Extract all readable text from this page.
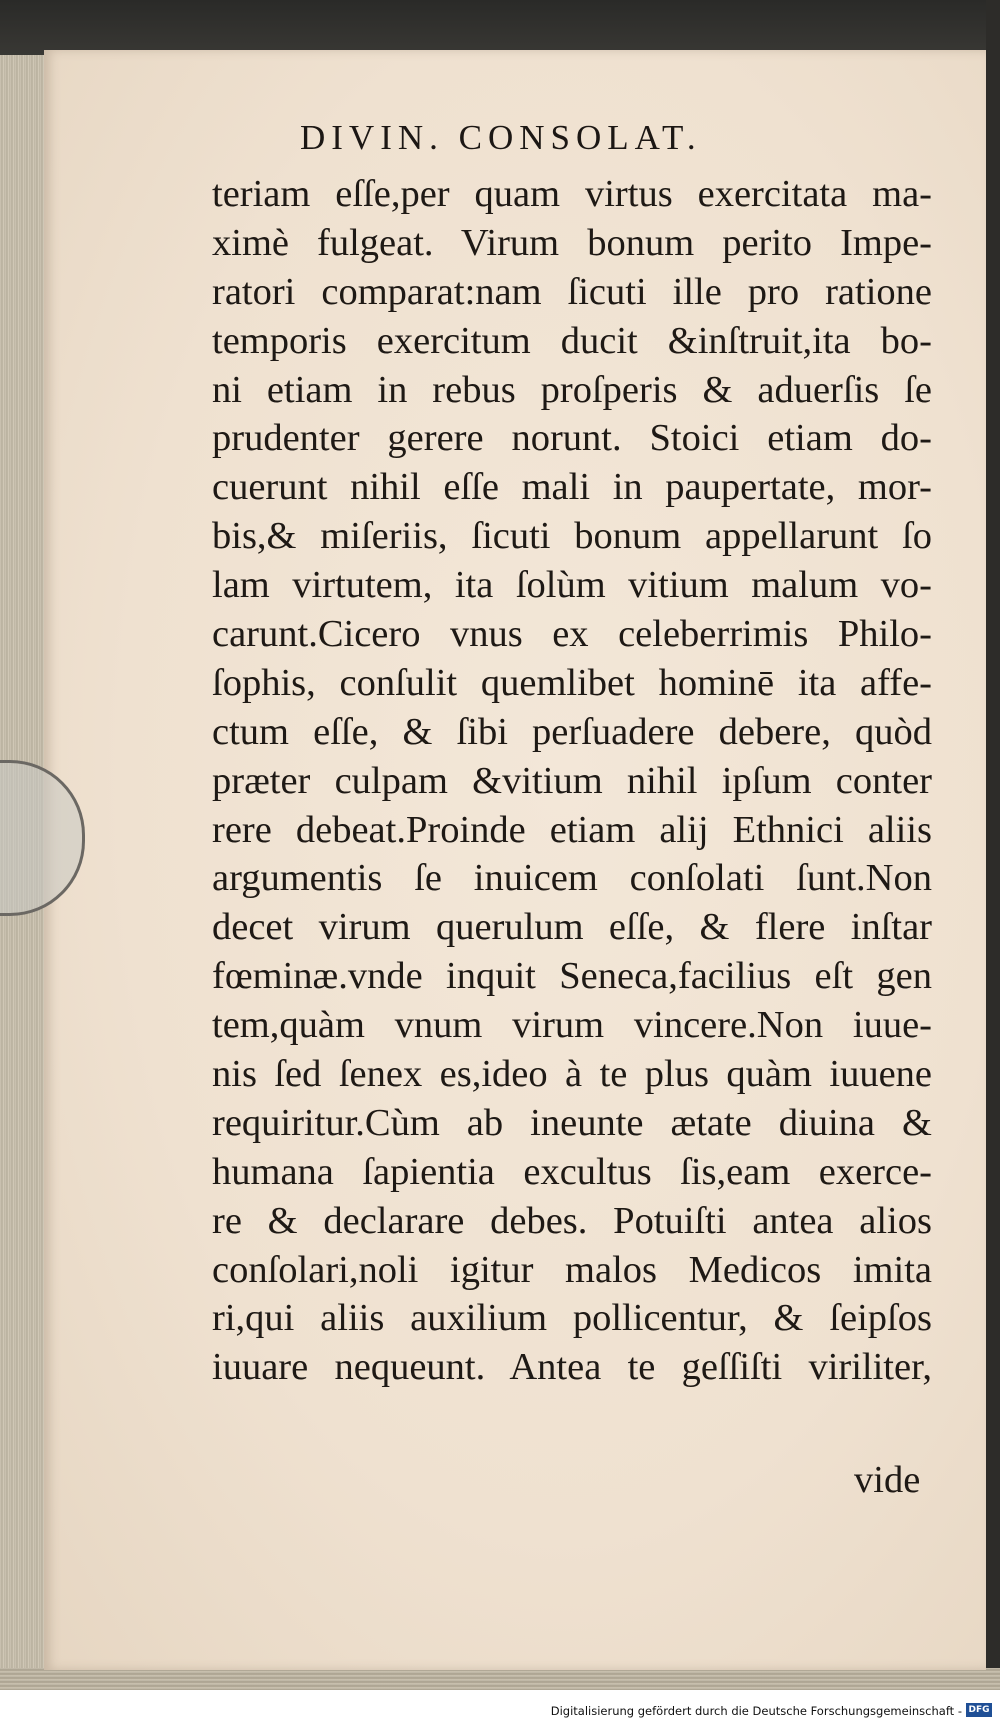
DIVIN. CONSOLAT.
teriam eſſe,per quam virtus exercitata ma-
ximè fulgeat. Virum bonum perito Impe-
ratori comparat:nam ſicuti ille pro ratione
temporis exercitum ducit &inſtruit,ita bo-
ni etiam in rebus proſperis & aduerſis ſe
prudenter gerere norunt. Stoici etiam do-
cuerunt nihil eſſe mali in paupertate, mor-
bis,& miſeriis, ſicuti bonum appellarunt ſo
lam virtutem, ita ſolùm vitium malum vo-
carunt.Cicero vnus ex celeberrimis Philo-
ſophis, conſulit quemlibet hominē ita affe-
ctum eſſe, & ſibi perſuadere debere, quòd
præter culpam &vitium nihil ipſum conter
rere debeat.Proinde etiam alij Ethnici aliis
argumentis ſe inuicem conſolati ſunt.Non
decet virum querulum eſſe, & flere inſtar
fœminæ.vnde inquit Seneca,facilius eſt gen
tem,quàm vnum virum vincere.Non iuue-
nis ſed ſenex es,ideo à te plus quàm iuuene
requiritur.Cùm ab ineunte ætate diuina &
humana ſapientia excultus ſis,eam exerce-
re & declarare debes. Potuiſti antea alios
conſolari,noli igitur malos Medicos imita
ri,qui aliis auxilium pollicentur, & ſeipſos
iuuare nequeunt. Antea te geſſiſti viriliter,
vide
Digitalisierung gefördert durch die Deutsche Forschungsgemeinschaft - DFG
